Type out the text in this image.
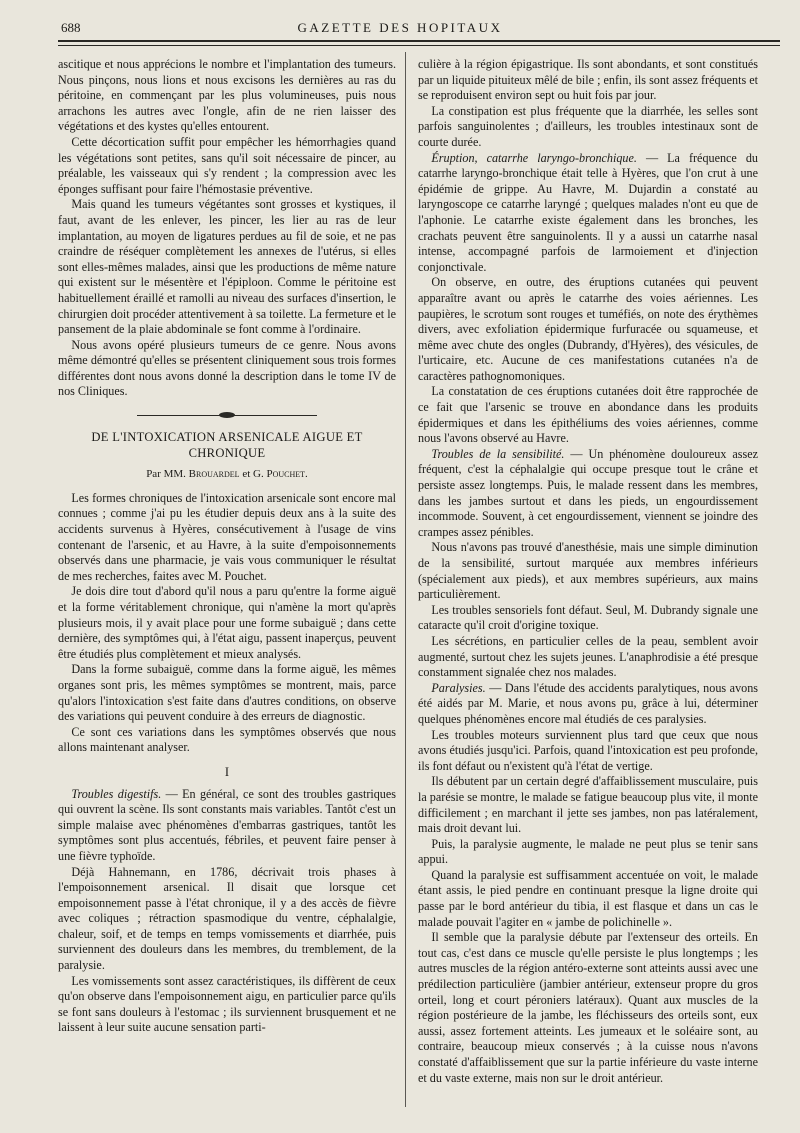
688	GAZETTE DES HOPITAUX

ascitique et nous apprécions le nombre et l'implantation des tumeurs. Nous pinçons, nous lions et nous excisons les dernières au ras du péritoine, en commençant par les plus volumineuses, puis nous arrachons les autres avec l'ongle, afin de ne rien laisser des végétations et des kystes qu'elles entourent.

Cette décortication suffit pour empêcher les hémorrhagies quand les végétations sont petites, sans qu'il soit nécessaire de pincer, au préalable, les vaisseaux qui s'y rendent ; la compression avec les éponges suffisant pour faire l'hémostasie préventive.

Mais quand les tumeurs végétantes sont grosses et kystiques, il faut, avant de les enlever, les pincer, les lier au ras de leur implantation, au moyen de ligatures perdues au fil de soie, et ne pas craindre de réséquer complètement les annexes de l'utérus, si elles sont elles-mêmes malades, ainsi que les productions de même nature qui existent sur le mésentère et l'épiploon. Comme le péritoine est habituellement éraillé et ramolli au niveau des surfaces d'insertion, le chirurgien doit procéder attentivement à sa toilette. La fermeture et le pansement de la plaie abdominale se font comme à l'ordinaire.

Nous avons opéré plusieurs tumeurs de ce genre. Nous avons même démontré qu'elles se présentent cliniquement sous trois formes différentes dont nous avons donné la description dans le tome IV de nos Cliniques.

DE L'INTOXICATION ARSENICALE AIGUE ET CHRONIQUE
Par MM. Brouardel et G. Pouchet.

Les formes chroniques de l'intoxication arsenicale sont encore mal connues ; comme j'ai pu les étudier depuis deux ans à la suite des accidents survenus à Hyères, consécutivement à l'usage de vins contenant de l'arsenic, et au Havre, à la suite d'empoisonnements observés dans une pharmacie, je vais vous communiquer le résultat de mes recherches, faites avec M. Pouchet.

Je dois dire tout d'abord qu'il nous a paru qu'entre la forme aiguë et la forme véritablement chronique, qui n'amène la mort qu'après plusieurs mois, il y avait place pour une forme subaiguë ; dans cette dernière, des symptômes qui, à l'état aigu, passent inaperçus, peuvent être étudiés plus complètement et mieux analysés.

Dans la forme subaiguë, comme dans la forme aiguë, les mêmes organes sont pris, les mêmes symptômes se montrent, mais, parce qu'alors l'intoxication s'est faite dans d'autres conditions, on observe des variations qui peuvent conduire à des erreurs de diagnostic.

Ce sont ces variations dans les symptômes observés que nous allons maintenant analyser.

I

Troubles digestifs. — En général, ce sont des troubles gastriques qui ouvrent la scène. Ils sont constants mais variables. Tantôt c'est un simple malaise avec phénomènes d'embarras gastriques, tantôt les symptômes sont plus accentués, fébriles, et peuvent faire penser à une fièvre typhoïde.

Déjà Hahnemann, en 1786, décrivait trois phases à l'empoisonnement arsenical. Il disait que lorsque cet empoisonnement passe à l'état chronique, il y a des accès de fièvre avec coliques ; rétraction spasmodique du ventre, céphalalgie, chaleur, soif, et de temps en temps vomissements et diarrhée, puis surviennent des douleurs dans les membres, du tremblement, de la paralysie.

Les vomissements sont assez caractéristiques, ils diffèrent de ceux qu'on observe dans l'empoisonnement aigu, en particulier parce qu'ils se font sans douleurs à l'estomac ; ils surviennent brusquement et ne laissent à leur suite aucune sensation parti-

culière à la région épigastrique. Ils sont abondants, et sont constitués par un liquide pituiteux mêlé de bile ; enfin, ils sont assez fréquents et se reproduisent environ sept ou huit fois par jour.

La constipation est plus fréquente que la diarrhée, les selles sont parfois sanguinolentes ; d'ailleurs, les troubles intestinaux sont de courte durée.

Éruption, catarrhe laryngo-bronchique. — La fréquence du catarrhe laryngo-bronchique était telle à Hyères, que l'on crut à une épidémie de grippe. Au Havre, M. Dujardin a constaté au laryngoscope ce catarrhe laryngé ; quelques malades n'ont eu que de l'aphonie. Le catarrhe existe également dans les bronches, les crachats peuvent être sanguinolents. Il y a aussi un catarrhe nasal intense, accompagné parfois de larmoiement et d'injection conjonctivale.

On observe, en outre, des éruptions cutanées qui peuvent apparaître avant ou après le catarrhe des voies aériennes. Les paupières, le scrotum sont rouges et tuméfiés, on note des érythèmes divers, avec exfoliation épidermique furfuracée ou squameuse, et même avec chute des ongles (Dubrandy, d'Hyères), des vésicules, de l'urticaire, etc. Aucune de ces manifestations cutanées n'a de caractères pathognomoniques.

La constatation de ces éruptions cutanées doit être rapprochée de ce fait que l'arsenic se trouve en abondance dans les produits épidermiques et dans les épithéliums des voies aériennes, comme nous l'avons observé au Havre.

Troubles de la sensibilité. — Un phénomène douloureux assez fréquent, c'est la céphalalgie qui occupe presque tout le crâne et persiste assez longtemps. Puis, le malade ressent dans les membres, dans les jambes surtout et dans les pieds, un engourdissement incommode. Souvent, à cet engourdissement, viennent se joindre des crampes assez pénibles.

Nous n'avons pas trouvé d'anesthésie, mais une simple diminution de la sensibilité, surtout marquée aux membres inférieurs (spécialement aux pieds), et aux membres supérieurs, aux mains particulièrement.

Les troubles sensoriels font défaut. Seul, M. Dubrandy signale une cataracte qu'il croit d'origine toxique.

Les sécrétions, en particulier celles de la peau, semblent avoir augmenté, surtout chez les sujets jeunes. L'anaphrodisie a été presque constamment signalée chez nos malades.

Paralysies. — Dans l'étude des accidents paralytiques, nous avons été aidés par M. Marie, et nous avons pu, grâce à lui, déterminer quelques phénomènes encore mal étudiés de ces paralysies.

Les troubles moteurs surviennent plus tard que ceux que nous avons étudiés jusqu'ici. Parfois, quand l'intoxication est peu profonde, ils font défaut ou n'existent qu'à l'état de vertige.

Ils débutent par un certain degré d'affaiblissement musculaire, puis la parésie se montre, le malade se fatigue beaucoup plus vite, il monte difficilement ; en marchant il jette ses jambes, non pas latéralement, mais droit devant lui.

Puis, la paralysie augmente, le malade ne peut plus se tenir sans appui.

Quand la paralysie est suffisamment accentuée on voit, le malade étant assis, le pied pendre en continuant presque la ligne droite qui passe par le bord antérieur du tibia, il est flasque et dans un cas le malade pouvait l'agiter en « jambe de polichinelle ».

Il semble que la paralysie débute par l'extenseur des orteils. En tout cas, c'est dans ce muscle qu'elle persiste le plus longtemps ; les autres muscles de la région antéro-externe sont atteints aussi avec une prédilection particulière (jambier antérieur, extenseur propre du gros orteil, long et court péroniers latéraux). Quant aux muscles de la région postérieure de la jambe, les fléchisseurs des orteils sont, eux aussi, assez fortement atteints. Les jumeaux et le soléaire sont, au contraire, beaucoup mieux conservés ; à la cuisse nous n'avons constaté d'affaiblissement que sur la partie inférieure du vaste interne et du vaste externe, mais non sur le droit antérieur.
